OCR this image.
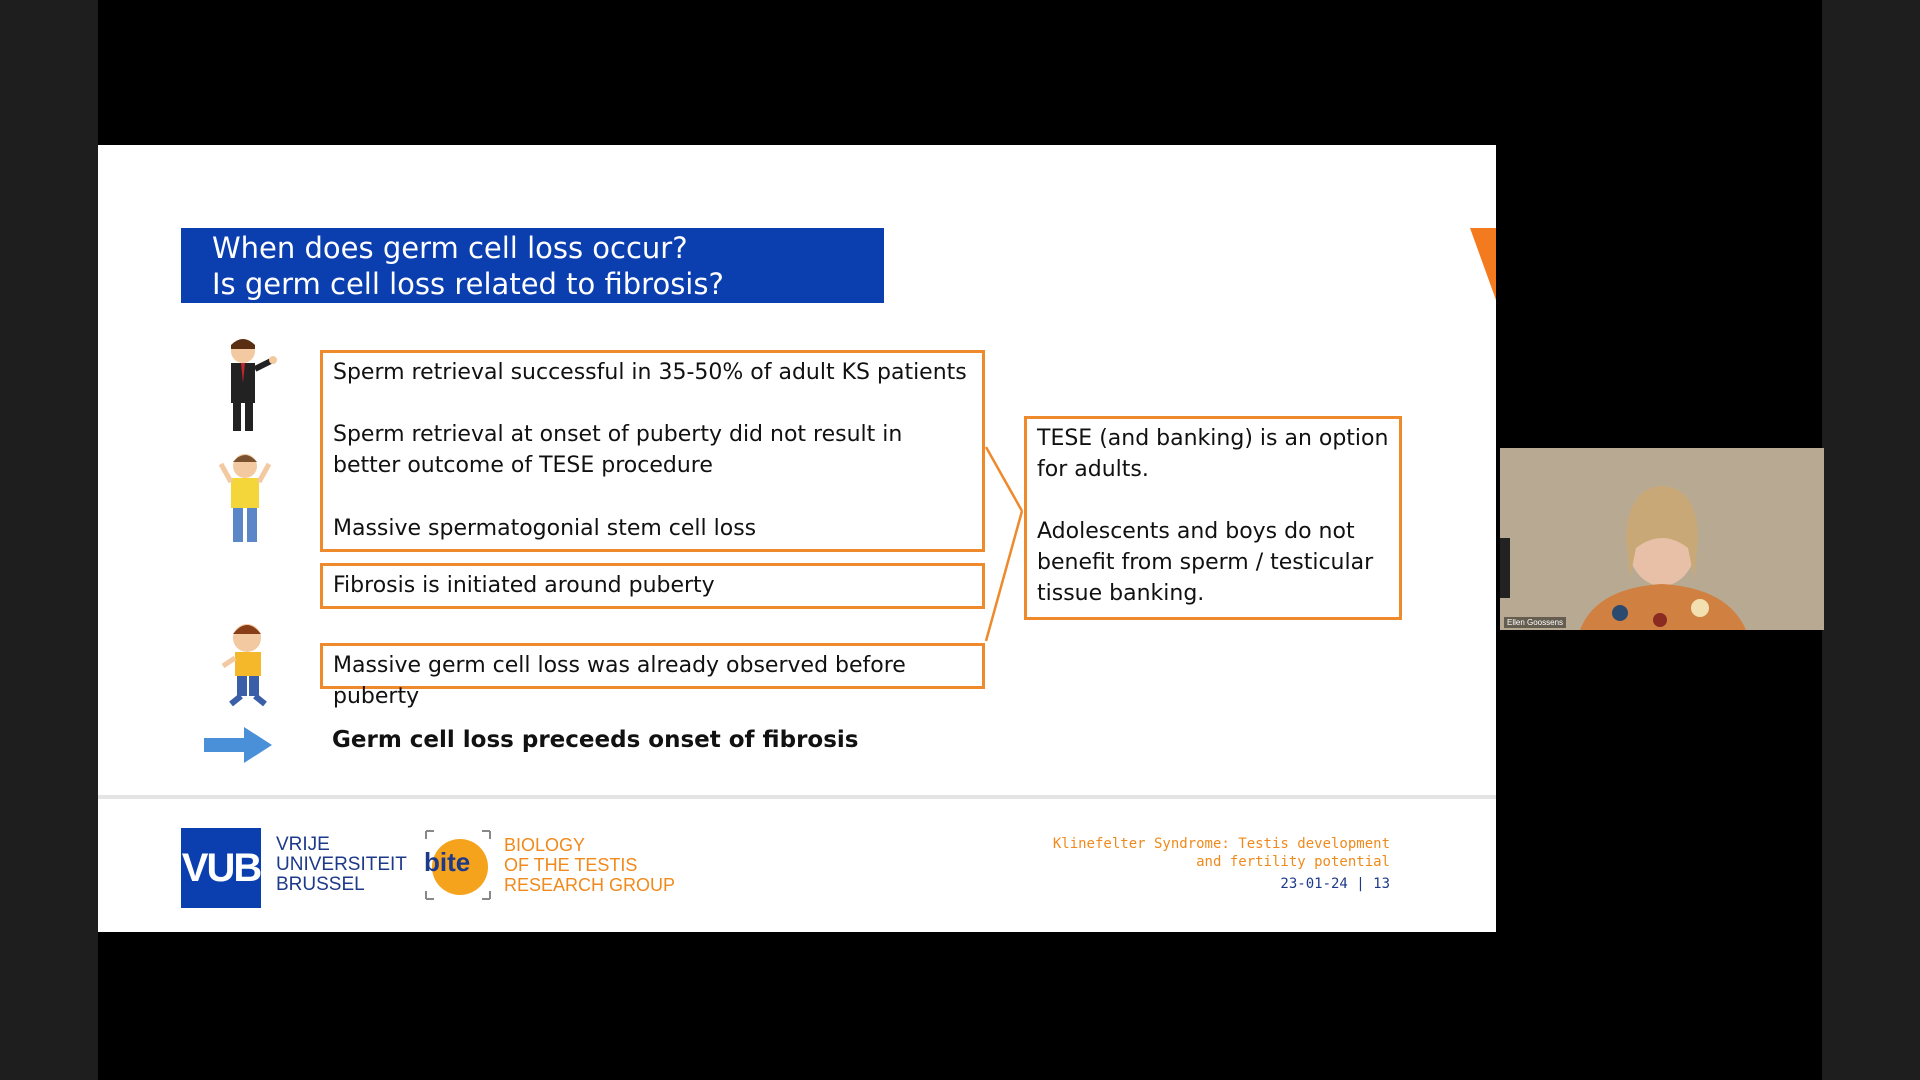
When does germ cell loss occur?
Is germ cell loss related to fibrosis?

Sperm retrieval successful in 35-50% of adult KS patients

Sperm retrieval at onset of puberty did not result in

better outcome of TESE procedure

Massive spermatogonial stem cell loss

Fibrosis is initiated around puberty

Massive germ cell loss was already observed before puberty

TESE (and banking) is an option

for adults.

Adolescents and boys do not

benefit from sperm / testicular

tissue banking.

Germ cell loss preceeds onset of fibrosis
VUB
VRIJE
UNIVERSITEIT
BRUSSEL
bite
BIOLOGY
OF THE TESTIS
RESEARCH GROUP
Klinefelter Syndrome: Testis development
and fertility potential
23-01-24 | 13
Ellen Goossens
